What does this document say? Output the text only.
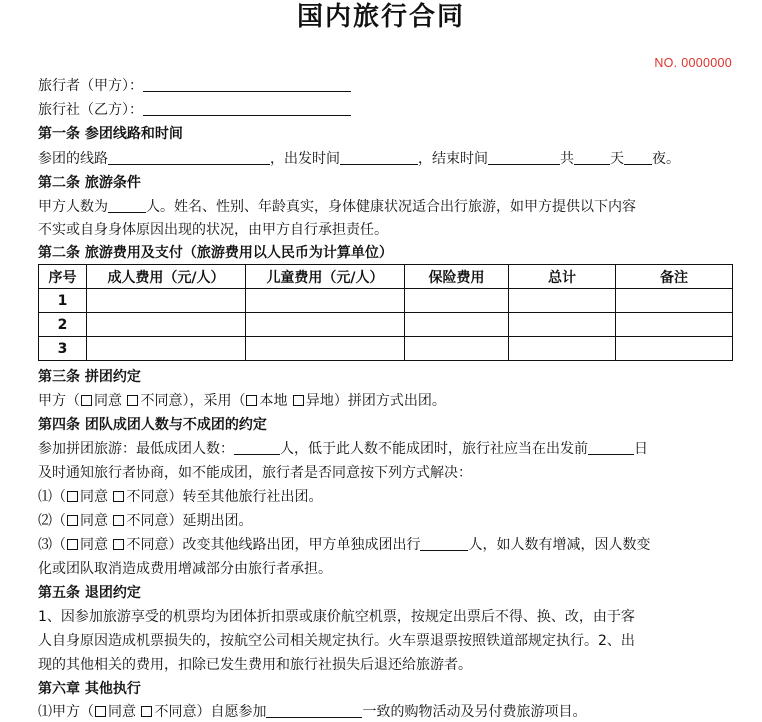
国内旅行合同
NO. 0000000
旅行者（甲方）：
旅行社（乙方）：
第一条 参团线路和时间
参团的线路	，出发时间	，结束时间	共	天 夜。
第二条 旅游条件
甲方人数为	人。姓名、性别、年龄真实，身体健康状况适合出行旅游，如甲方提供以下内容
不实或自身身体原因出现的状况，由甲方自行承担责任。
第二条 旅游费用及支付（旅游费用以人民币为计算单位）
序号	成人费用（元/人）	儿童费用（元/人）	保险费用	总计	备注
1					
2					
3					
第三条 拼团约定
甲方（ 同意 不同意），采用（ 本地 异地）拼团方式出团。
第四条 团队成团人数与不成团的约定
参加拼团旅游：最低成团人数：	人，低于此人数不能成团时，旅行社应当在出发前	日
及时通知旅行者协商，如不能成团，旅行者是否同意按下列方式解决：
⑴（ 同意 不同意）转至其他旅行社出团。
⑵（ 同意 不同意）延期出团。
⑶（ 同意 不同意）改变其他线路出团，甲方单独成团出行	人，如人数有增减，因人数变
化或团队取消造成费用增减部分由旅行者承担。
第五条 退团约定
1、因参加旅游享受的机票均为团体折扣票或康价航空机票，按规定出票后不得、换、改，由于客
人自身原因造成机票损失的，按航空公司相关规定执行。火车票退票按照铁道部规定执行。2、出
现的其他相关的费用，扣除已发生费用和旅行社损失后退还给旅游者。
第六章 其他执行
⑴甲方（ 同意 不同意）自愿参加	一致的购物活动及另付费旅游项目。
